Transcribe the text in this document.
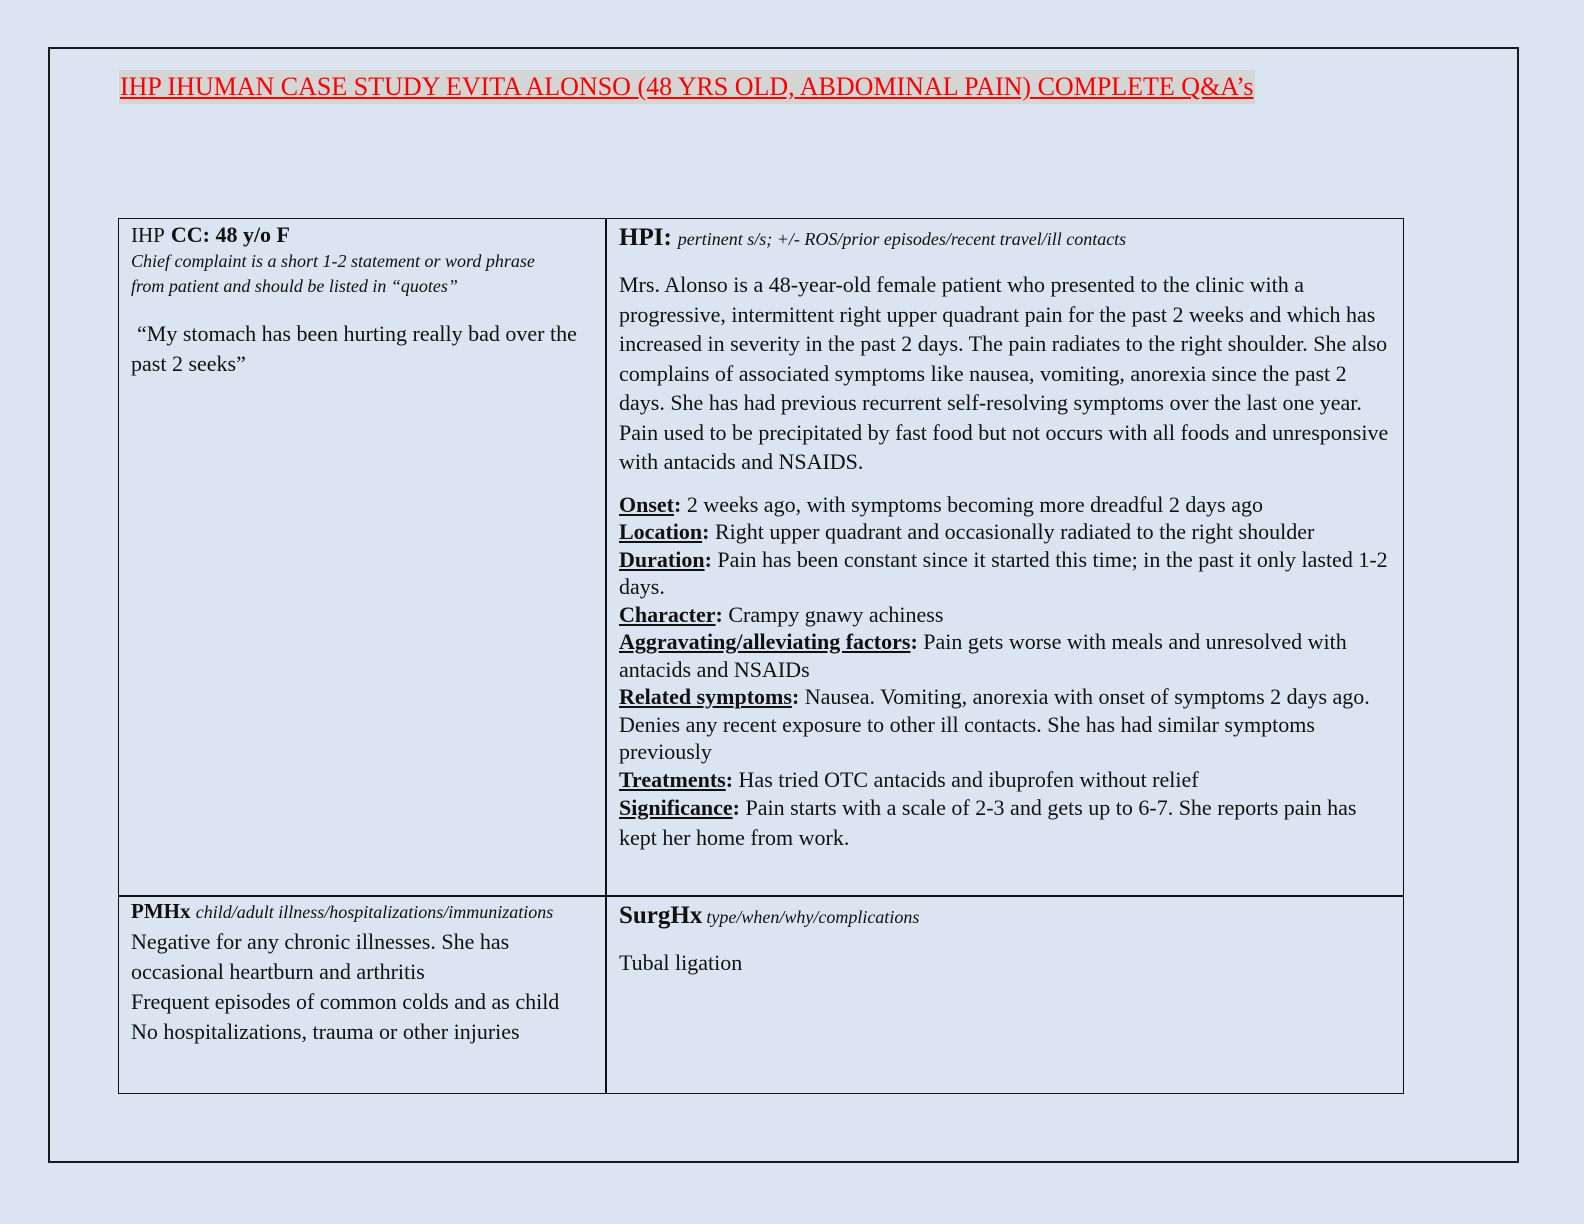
IHP IHUMAN CASE STUDY EVITA ALONSO (48 YRS OLD, ABDOMINAL PAIN) COMPLETE Q&A’s
IHP CC: 48 y/o F
Chief complaint is a short 1-2 statement or word phrase
from patient and should be listed in “quotes”
“My stomach has been hurting really bad over the past 2 seeks”
HPI: pertinent s/s; +/- ROS/prior episodes/recent travel/ill contacts
Mrs. Alonso is a 48-year-old female patient who presented to the clinic with a progressive, intermittent right upper quadrant pain for the past 2 weeks and which has increased in severity in the past 2 days. The pain radiates to the right shoulder. She also complains of associated symptoms like nausea, vomiting, anorexia since the past 2 days. She has had previous recurrent self-resolving symptoms over the last one year. Pain used to be precipitated by fast food but not occurs with all foods and unresponsive with antacids and NSAIDS.
Onset: 2 weeks ago, with symptoms becoming more dreadful 2 days ago
Location: Right upper quadrant and occasionally radiated to the right shoulder
Duration: Pain has been constant since it started this time; in the past it only lasted 1-2 days.
Character: Crampy gnawy achiness
Aggravating/alleviating factors: Pain gets worse with meals and unresolved with antacids and NSAIDs
Related symptoms: Nausea. Vomiting, anorexia with onset of symptoms 2 days ago. Denies any recent exposure to other ill contacts. She has had similar symptoms previously
Treatments: Has tried OTC antacids and ibuprofen without relief
Significance: Pain starts with a scale of 2-3 and gets up to 6-7. She reports pain has kept her home from work.
PMHx child/adult illness/hospitalizations/immunizations
Negative for any chronic illnesses. She has
occasional heartburn and arthritis
Frequent episodes of common colds and as child
No hospitalizations, trauma or other injuries
SurgHx type/when/why/complications
Tubal ligation
